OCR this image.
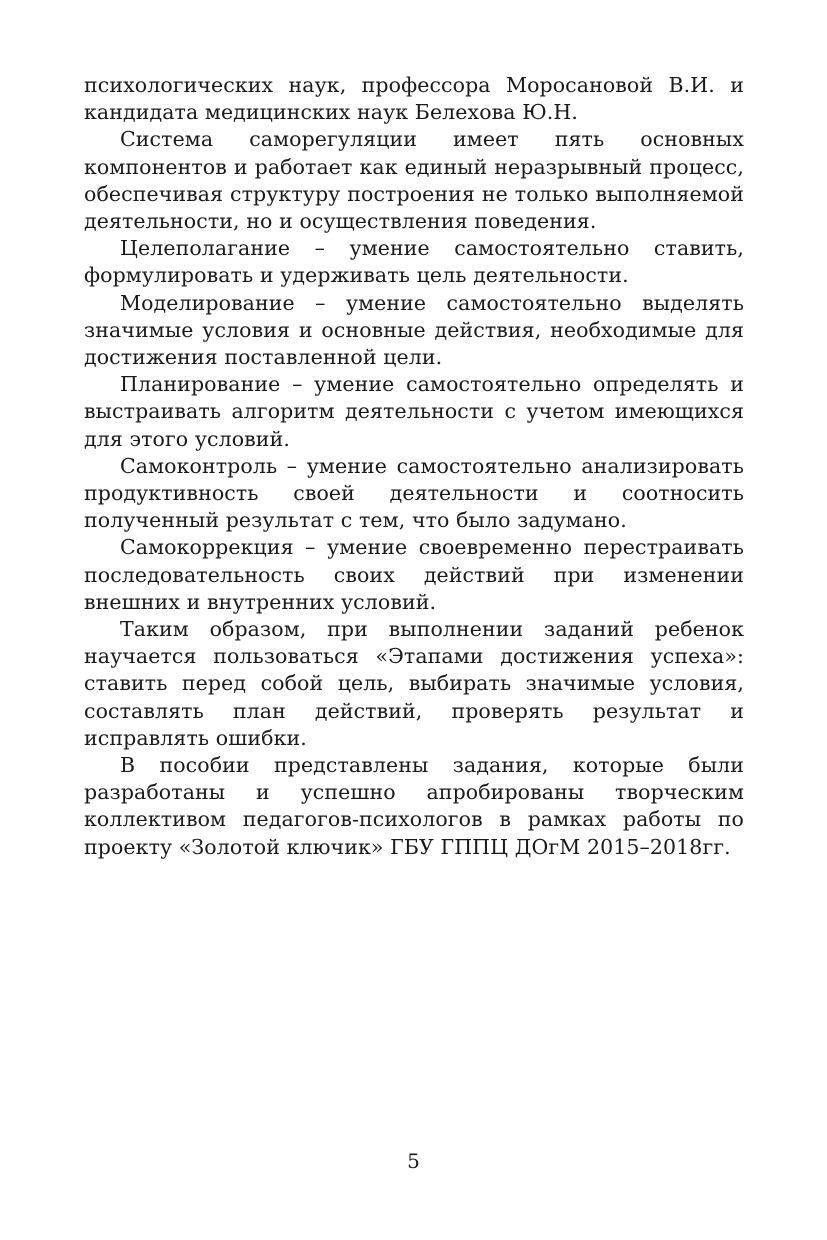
психологических наук, профессора Моросановой В.И. и кандидата медицинских наук Белехова Ю.Н.

Система саморегуляции имеет пять основных компонентов и работает как единый неразрывный процесс, обеспечивая структуру построения не только выполняемой деятельности, но и осуществления поведения.

Целеполагание – умение самостоятельно ставить, формулировать и удерживать цель деятельности.

Моделирование – умение самостоятельно выделять значимые условия и основные действия, необходимые для достижения поставленной цели.

Планирование – умение самостоятельно определять и выстраивать алгоритм деятельности с учетом имеющихся для этого условий.

Самоконтроль – умение самостоятельно анализировать продуктивность своей деятельности и соотносить полученный результат с тем, что было задумано.

Самокоррекция – умение своевременно перестраивать последовательность своих действий при изменении внешних и внутренних условий.

Таким образом, при выполнении заданий ребенок научается пользоваться «Этапами достижения успеха»: ставить перед собой цель, выбирать значимые условия, составлять план действий, проверять результат и исправлять ошибки.

В пособии представлены задания, которые были разработаны и успешно апробированы творческим коллективом педагогов-психологов в рамках работы по проекту «Золотой ключик» ГБУ ГППЦ ДОгМ 2015–2018гг.

5
